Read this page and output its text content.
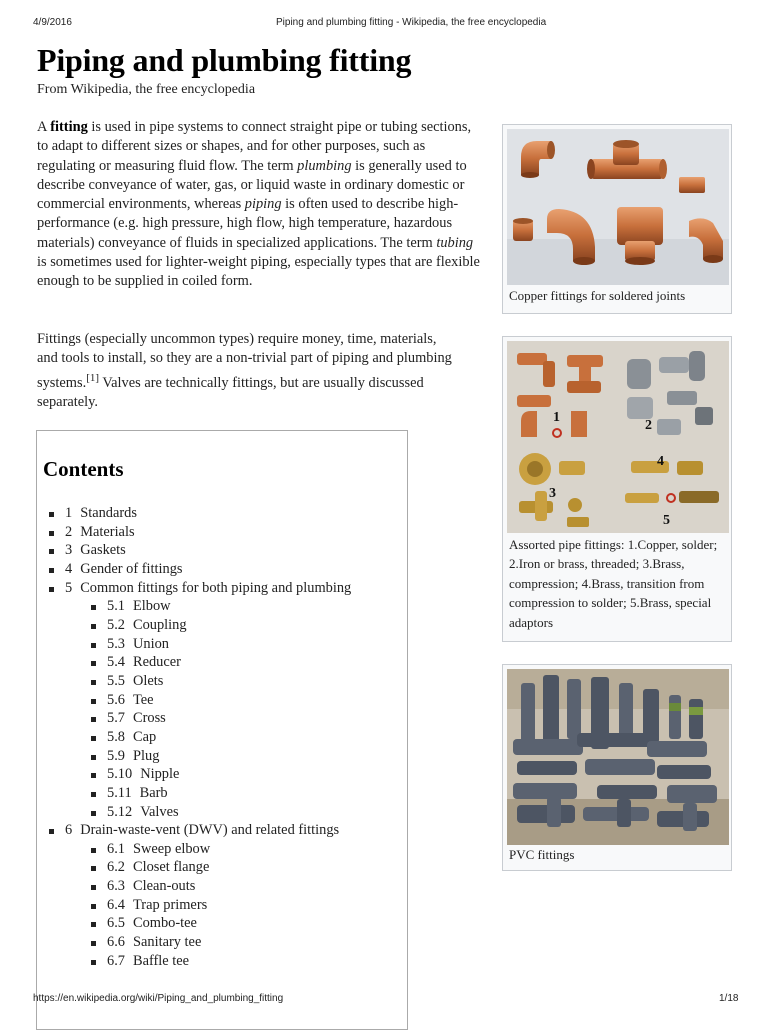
4/9/2016	Piping and plumbing fitting - Wikipedia, the free encyclopedia
Piping and plumbing fitting
From Wikipedia, the free encyclopedia

A fitting is used in pipe systems to connect straight pipe or tubing sections, to adapt to different sizes or shapes, and for other purposes, such as regulating or measuring fluid flow. The term plumbing is generally used to describe conveyance of water, gas, or liquid waste in ordinary domestic or commercial environments, whereas piping is often used to describe high-performance (e.g. high pressure, high flow, high temperature, hazardous materials) conveyance of fluids in specialized applications. The term tubing is sometimes used for lighter-weight piping, especially types that are flexible enough to be supplied in coiled form.

Fittings (especially uncommon types) require money, time, materials, and tools to install, so they are a non-trivial part of piping and plumbing systems.[1] Valves are technically fittings, but are usually discussed separately.

Contents
1 Standards
2 Materials
3 Gaskets
4 Gender of fittings
5 Common fittings for both piping and plumbing
5.1 Elbow
5.2 Coupling
5.3 Union
5.4 Reducer
5.5 Olets
5.6 Tee
5.7 Cross
5.8 Cap
5.9 Plug
5.10 Nipple
5.11 Barb
5.12 Valves
6 Drain-waste-vent (DWV) and related fittings
6.1 Sweep elbow
6.2 Closet flange
6.3 Clean-outs
6.4 Trap primers
6.5 Combo-tee
6.6 Sanitary tee
6.7 Baffle tee
Copper fittings for soldered joints
1
2
3
4
5
Assorted pipe fittings: 1.Copper, solder; 2.Iron or brass, threaded; 3.Brass, compression; 4.Brass, transition from compression to solder; 5.Brass, special adaptors
PVC fittings
https://en.wikipedia.org/wiki/Piping_and_plumbing_fitting	1/18
